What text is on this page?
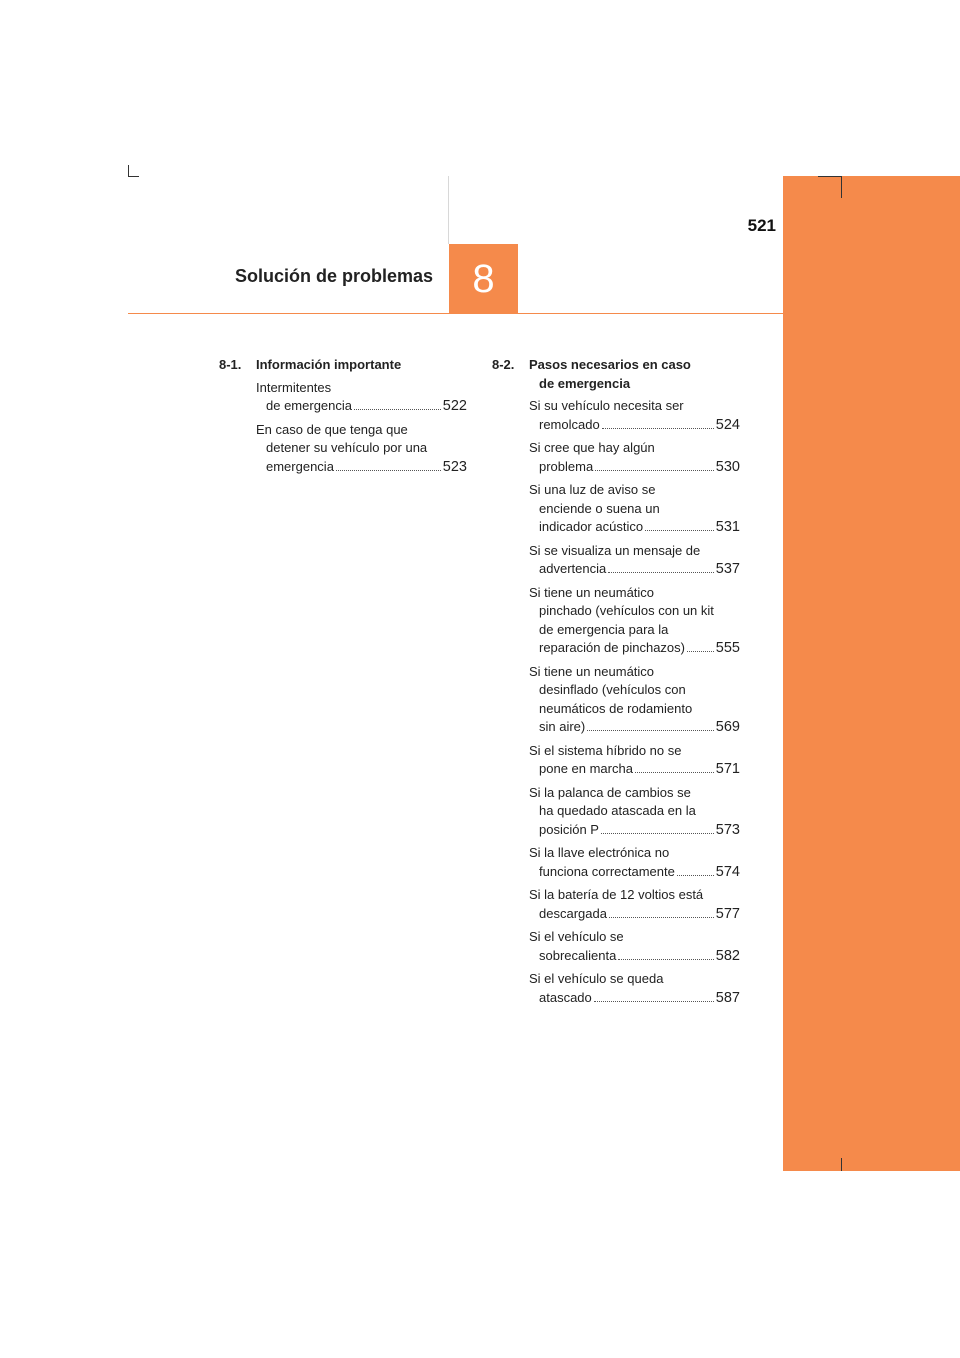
521
Solución de problemas 8
8-1.	Información importante
Intermitentes
de emergencia	522
En caso de que tenga que
detener su vehículo por una
emergencia	523
8-2.	Pasos necesarios en caso
de emergencia
Si su vehículo necesita ser
remolcado	524
Si cree que hay algún
problema	530
Si una luz de aviso se
enciende o suena un
indicador acústico	531
Si se visualiza un mensaje de
advertencia	537
Si tiene un neumático
pinchado (vehículos con un kit
de emergencia para la
reparación de pinchazos) 555
Si tiene un neumático
desinflado (vehículos con
neumáticos de rodamiento
sin aire)	569
Si el sistema híbrido no se
pone en marcha	571
Si la palanca de cambios se
ha quedado atascada en la
posición P	573
Si la llave electrónica no
funciona correctamente	574
Si la batería de 12 voltios está
descargada	577
Si el vehículo se
sobrecalienta	582
Si el vehículo se queda
atascado	587
